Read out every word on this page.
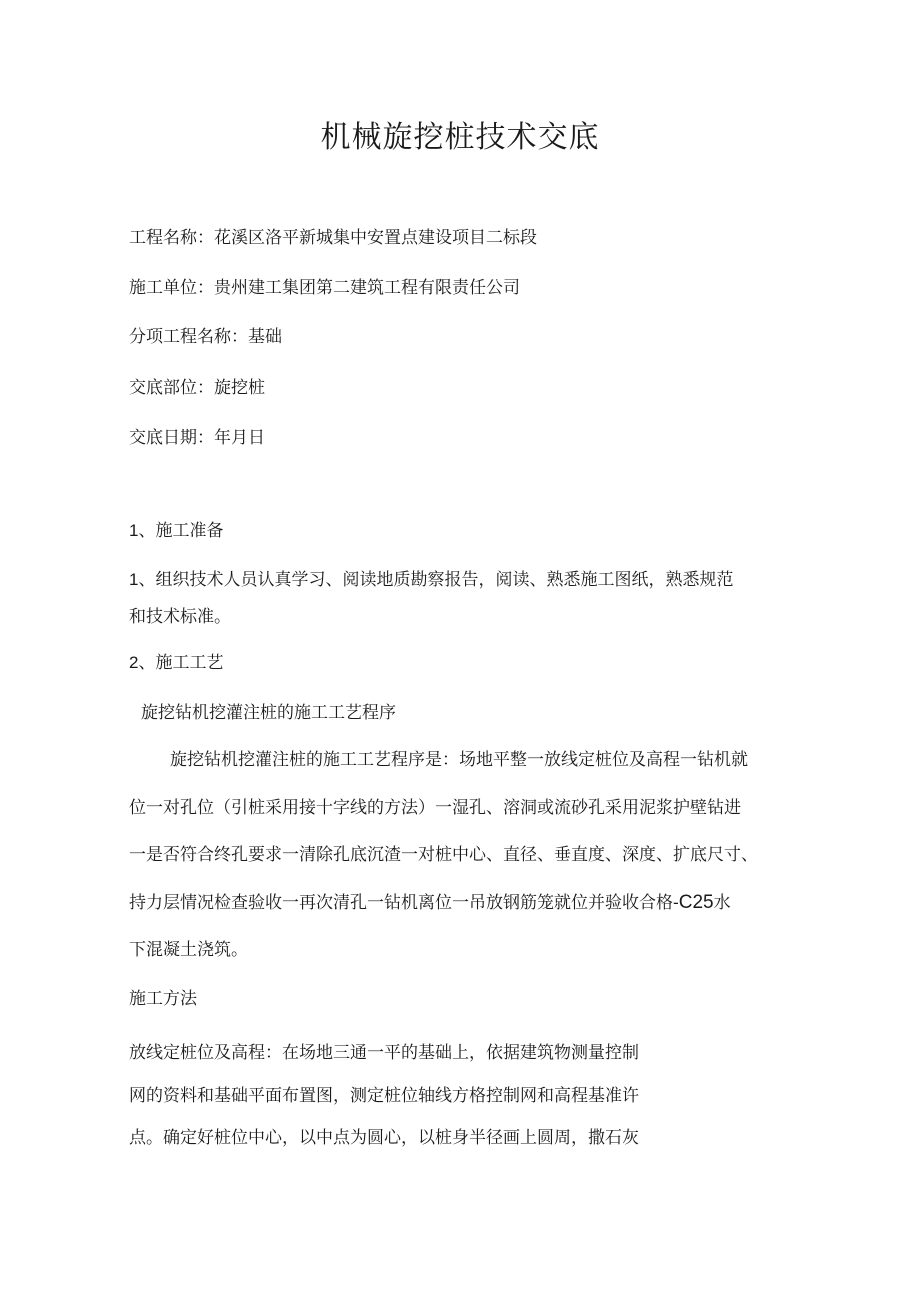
机械旋挖桩技术交底

工程名称：花溪区洛平新城集中安置点建设项目二标段

施工单位：贵州建工集团第二建筑工程有限责任公司

分项工程名称：基础

交底部位：旋挖桩

交底日期：年月日

1、施工准备

1、组织技术人员认真学习、阅读地质勘察报告，阅读、熟悉施工图纸，熟悉规范

和技术标准。

2、施工工艺

旋挖钻机挖灌注桩的施工工艺程序

旋挖钻机挖灌注桩的施工工艺程序是：场地平整一放线定桩位及高程一钻机就

位一对孔位（引桩采用接十字线的方法）一湿孔、溶洞或流砂孔采用泥浆护壁钻进

一是否符合终孔要求一清除孔底沉渣一对桩中心、直径、垂直度、深度、扩底尺寸、

持力层情况检查验收一再次清孔一钻机离位一吊放钢筋笼就位并验收合格-C25水

下混凝土浇筑。

施工方法

放线定桩位及高程：在场地三通一平的基础上，依据建筑物测量控制

网的资料和基础平面布置图，测定桩位轴线方格控制网和高程基准许

点。确定好桩位中心，以中点为圆心，以桩身半径画上圆周，撒石灰
